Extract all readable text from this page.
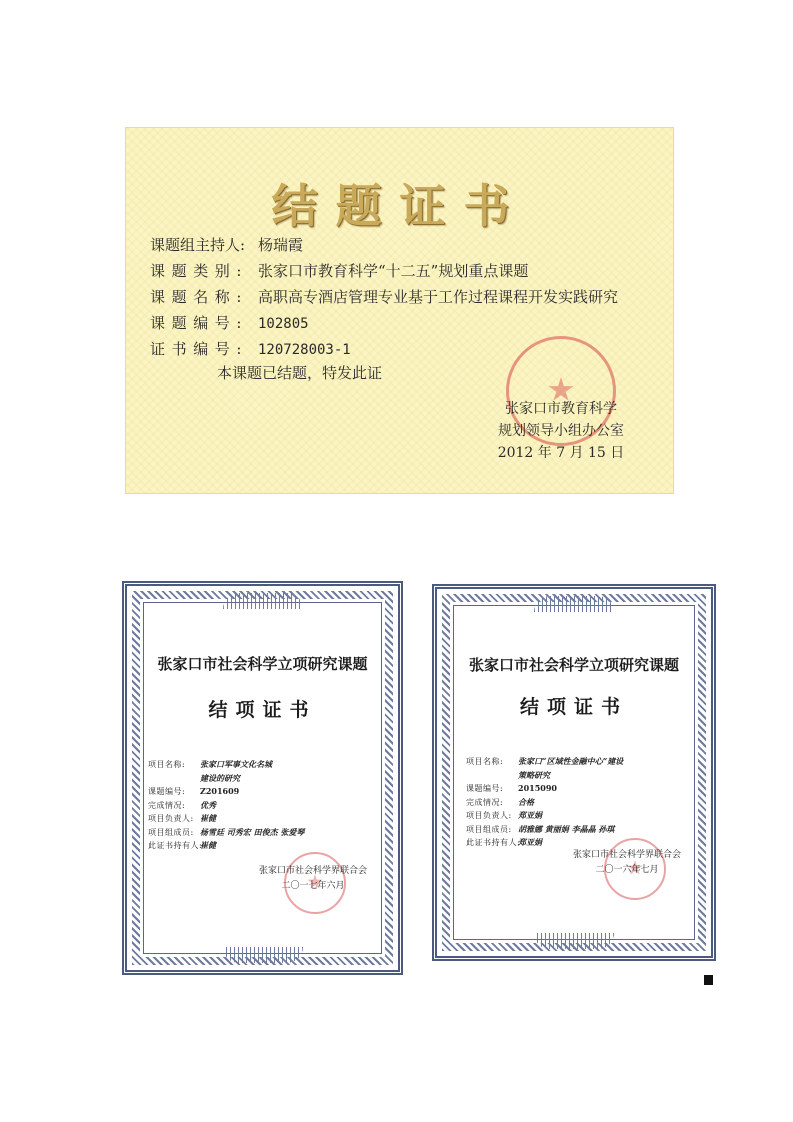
结题证书
课题组主持人: 杨瑞霞
课题类别: 张家口市教育科学“十二五”规划重点课题
课题名称: 高职高专酒店管理专业基于工作过程课程开发实践研究
课题编号: 102805
证书编号: 120728003-1
本课题已结题，特发此证
张家口市教育科学
规划领导小组办公室
2012 年 7 月 15 日
张家口市社会科学立项研究课题
结项证书
项目名称: 张家口军事文化名城
建设的研究
课题编号: Z201609
完成情况: 优秀
项目负责人: 崔健
项目组成员: 杨雪廷 司秀宏 田俊杰 张爱琴
此证书持有人:崔健
张家口市社会科学界联合会
二〇一七年六月
张家口市社会科学立项研究课题
结项证书
项目名称: 张家口“区域性金融中心”建设
策略研究
课题编号: 2015090
完成情况: 合格
项目负责人: 郑亚娟
项目组成员: 胡雅娜 黄丽娟 李晶晶 孙琪
此证书持有人:郑亚娟
张家口市社会科学界联合会
二〇一六年七月
